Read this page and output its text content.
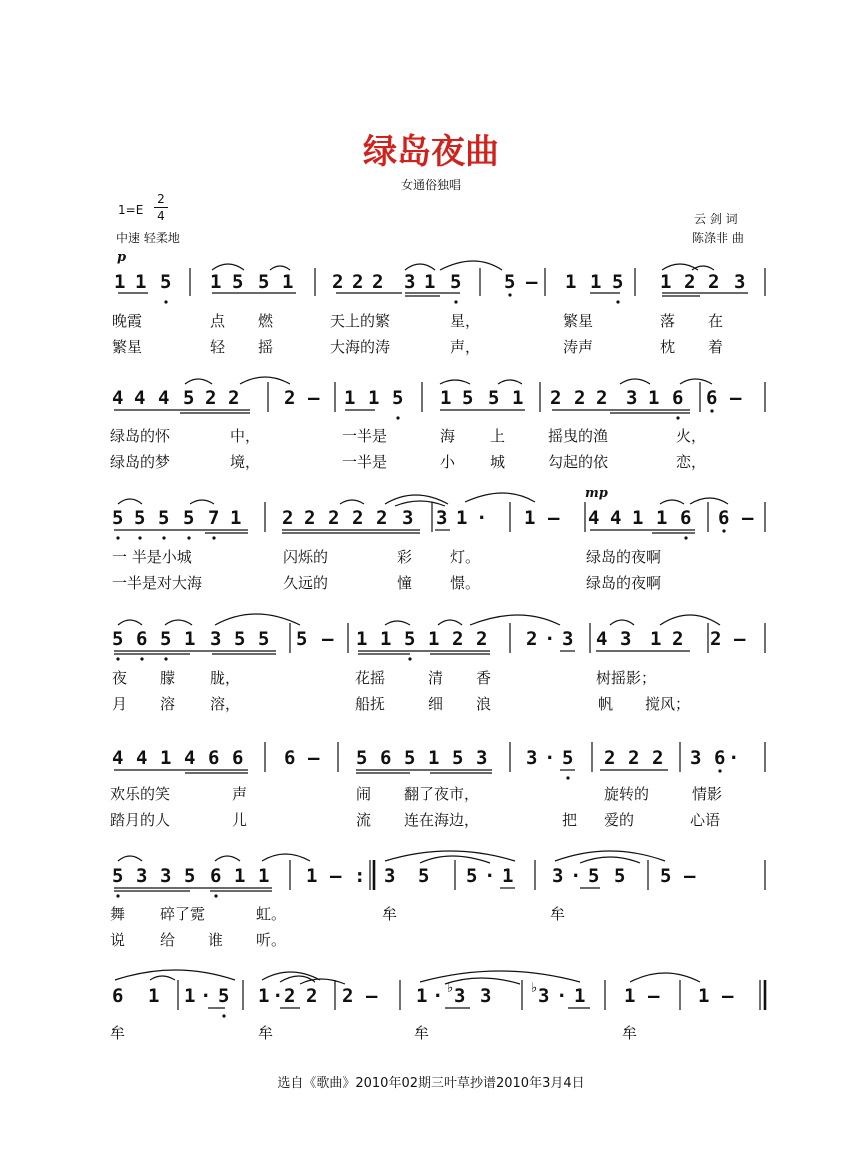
绿岛夜曲
女通俗独唱
1=E
2
4
中速 轻柔地
云 剑 词
陈涤非 曲
p
1 1 5 1 5 5 1 2 2 2 3 1 5 5 – 1 1 5 1 2 2 3
晚霞	点 燃	天上的繁	星，	繁星	落 在
繁星	轻 摇	大海的涛	声，	涛声	枕 着
4 4 4 5 2 2 2 – 1 1 5 1 5 5 1 2 2 2 3 1 6 6 –
绿岛的怀	中，	一半是	海 上	摇曳的渔	火，
绿岛的梦	境，	一半是	小 城	勾起的依	恋，
mp
5 5 5 5 7 1 2 2 2 2 2 3 3 1 · 1 – 4 4 1 1 6 6 –
一 半是小城	闪烁的	彩	灯。	绿岛的夜啊
一半是对大海	久远的	憧	憬。	绿岛的夜啊
5 6 5 1 3 5 5 5 – 1 1 5 1 2 2 2 · 3 4 3 1 2 2 –
夜 朦 胧，	花摇	清 香	树摇影；
月 溶 溶，	船抚	细 浪	帆 搅风；
4 4 1 4 6 6 6 – 5 6 5 1 5 3 3 · 5 2 2 2 3 6 ·
欢乐的笑	声	闹 翻了夜市，	旋转的	情影
踏月的人	儿	流 连在海边，	把 爱的	心语
5 3 3 5 6 1 1 1 – : 3 5 5 · 1 3 · 5 5 5 –
舞 碎了霓	虹。	牟	牟
说 给 谁 听。
6 1 1 · 5 1 · 2 2 2 – 1 · ♭ 3 3	♭ 3 · 1 1 – 1 –
牟	牟	牟	牟
选自《歌曲》2010年02期三叶草抄谱2010年3月4日
